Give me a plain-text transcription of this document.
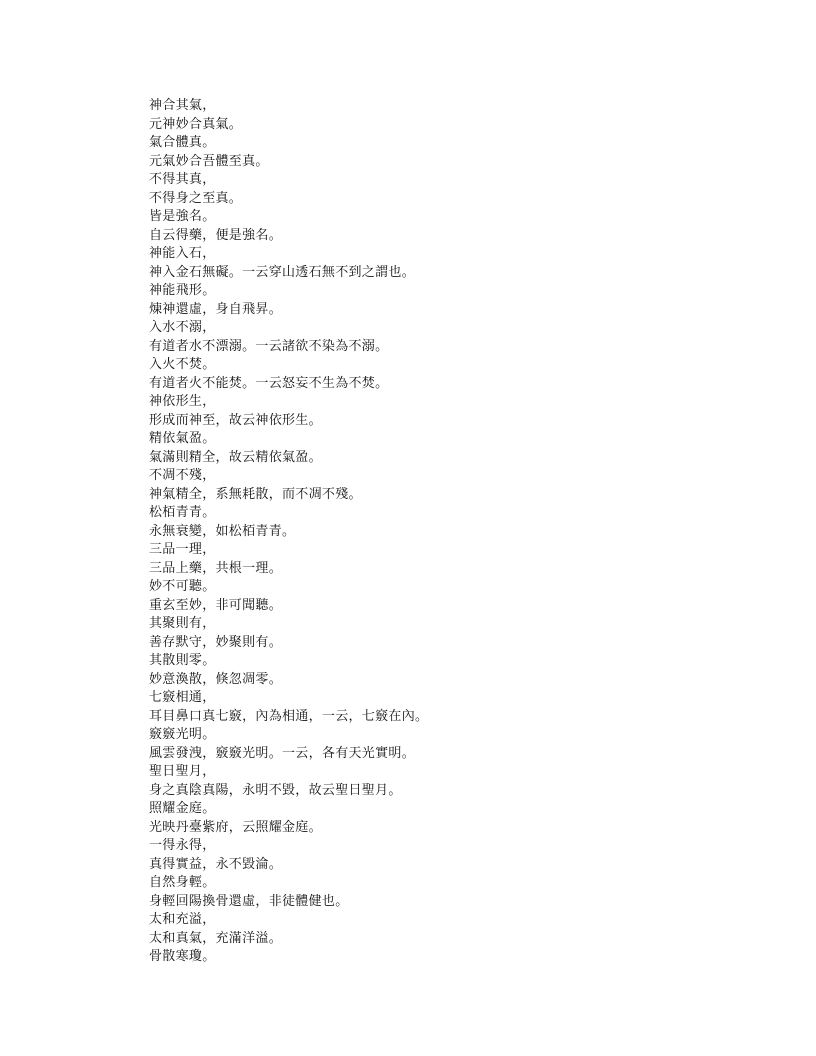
神合其氣，
元神妙合真氣。
氣合體真。
元氣妙合吾體至真。
不得其真，
不得身之至真。
皆是強名。
自云得藥，便是強名。
神能入石，
神入金石無礙。一云穿山透石無不到之謂也。
神能飛形。
煉神還虛，身自飛昇。
入水不溺，
有道者水不漂溺。一云諸欲不染為不溺。
入火不焚。
有道者火不能焚。一云怒妄不生為不焚。
神依形生，
形成而神至，故云神依形生。
精依氣盈。
氣滿則精全，故云精依氣盈。
不凋不殘，
神氣精全，系無耗散，而不凋不殘。
松栢青青。
永無衰變，如松栢青青。
三品一理，
三品上藥，共根一理。
妙不可聽。
重玄至妙，非可聞聽。
其聚則有，
善存默守，妙聚則有。
其散則零。
妙意渙散，倏忽凋零。
七竅相通，
耳目鼻口真七竅，內為相通，一云，七竅在內。
竅竅光明。
風雲發洩，竅竅光明。一云，各有天光實明。
聖日聖月，
身之真陰真陽，永明不毀，故云聖日聖月。
照耀金庭。
光映丹臺紫府，云照耀金庭。
一得永得，
真得實益，永不毀淪。
自然身輕。
身輕回陽換骨還虛，非徒體健也。
太和充溢，
太和真氣，充滿洋溢。
骨散寒瓊。
